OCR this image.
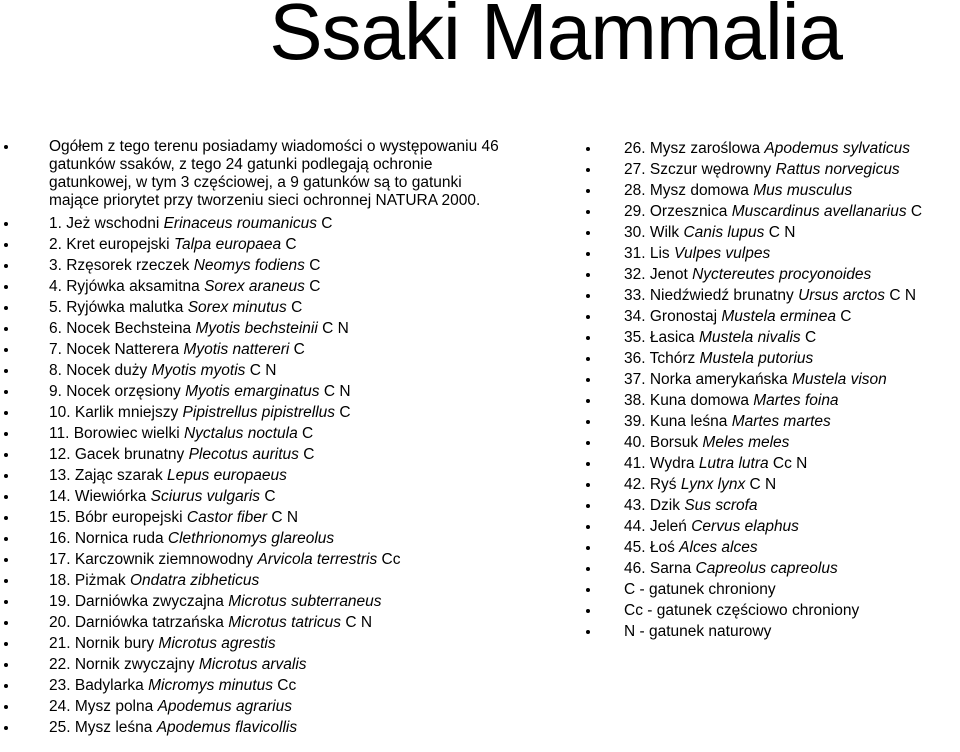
Ssaki Mammalia
Ogółem z tego terenu posiadamy wiadomości o występowaniu 46 gatunków ssaków, z tego 24 gatunki podlegają ochronie gatunkowej, w tym 3 częściowej, a 9 gatunków są to gatunki mające priorytet przy tworzeniu sieci ochronnej NATURA 2000.
1. Jeż wschodni Erinaceus roumanicus C
2. Kret europejski Talpa europaea C
3. Rzęsorek rzeczek Neomys fodiens C
4. Ryjówka aksamitna Sorex araneus C
5. Ryjówka malutka Sorex minutus C
6. Nocek Bechsteina Myotis bechsteinii C N
7. Nocek Natterera Myotis nattereri C
8. Nocek duży Myotis myotis C N
9. Nocek orzęsiony Myotis emarginatus C N
10. Karlik mniejszy Pipistrellus pipistrellus C
11. Borowiec wielki Nyctalus noctula C
12. Gacek brunatny Plecotus auritus C
13. Zając szarak Lepus europaeus
14. Wiewiórka Sciurus vulgaris C
15. Bóbr europejski Castor fiber C N
16. Nornica ruda Clethrionomys glareolus
17. Karczownik ziemnowodny Arvicola terrestris Cc
18. Piżmak Ondatra zibheticus
19. Darniówka zwyczajna Microtus subterraneus
20. Darniówka tatrzańska Microtus tatricus C N
21. Nornik bury Microtus agrestis
22. Nornik zwyczajny Microtus arvalis
23. Badylarka Micromys minutus Cc
24. Mysz polna Apodemus agrarius
25. Mysz leśna Apodemus flavicollis
26. Mysz zaroślowa Apodemus sylvaticus
27. Szczur wędrowny Rattus norvegicus
28. Mysz domowa Mus musculus
29. Orzesznica Muscardinus avellanarius C
30. Wilk Canis lupus C N
31. Lis Vulpes vulpes
32. Jenot Nyctereutes procyonoides
33. Niedźwiedź brunatny Ursus arctos C N
34. Gronostaj Mustela erminea C
35. Łasica Mustela nivalis C
36. Tchórz Mustela putorius
37. Norka amerykańska Mustela vison
38. Kuna domowa Martes foina
39. Kuna leśna Martes martes
40. Borsuk Meles meles
41. Wydra Lutra lutra Cc N
42. Ryś Lynx lynx C N
43. Dzik Sus scrofa
44. Jeleń Cervus elaphus
45. Łoś Alces alces
46. Sarna Capreolus capreolus
C - gatunek chroniony
Cc - gatunek częściowo chroniony
N - gatunek naturowy
